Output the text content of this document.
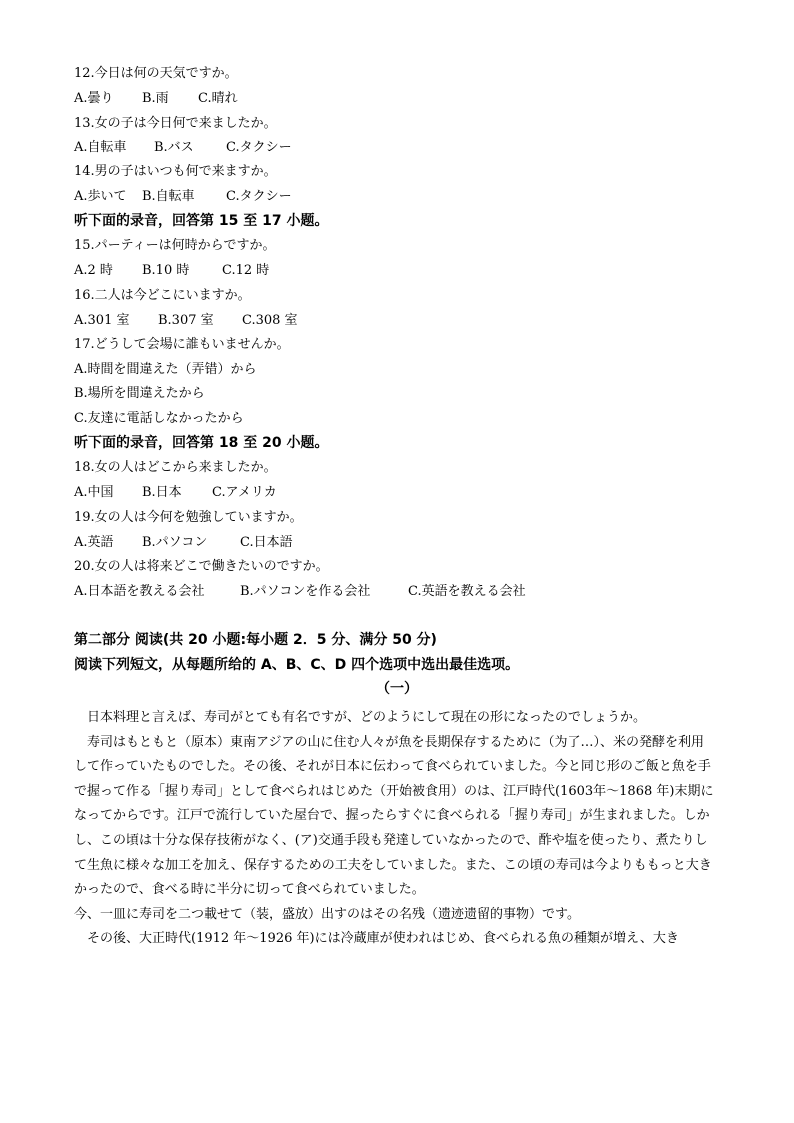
12.今日は何の天気ですか。
A.曇り B.雨 C.晴れ
13.女の子は今日何で来ましたか。
A.自転車 B.バス C.タクシー
14.男の子はいつも何で来ますか。
A.歩いて B.自転車 C.タクシー
听下面的录音，回答第 15 至 17 小题。
15.パーティーは何時からですか。
A.2 時 B.10 時	C.12 時
16.二人は今どこにいますか。
A.301 室 B.307 室 C.308 室
17.どうして会場に誰もいませんか。
A.時間を間違えた（弄错）から
B.場所を間違えたから
C.友達に電話しなかったから
听下面的录音，回答第 18 至 20 小题。
18.女の人はどこから来ましたか。
A.中国 B.日本 C.アメリカ
19.女の人は今何を勉強していますか。
A.英語 B.パソコン	C.日本語
20.女の人は将来どこで働きたいのですか。
A.日本語を教える会社	B.パソコンを作る会社	C.英語を教える会社
第二部分 阅读(共 20 小题:每小题 2．5 分、满分 50 分)
阅读下列短文，从每题所给的 A、B、C、D 四个选项中选出最佳选项。
（一）

日本料理と言えば、寿司がとても有名ですが、どのようにして現在の形になったのでしょうか。

寿司はもともと（原本）東南アジアの山に住む人々が魚を長期保存するために（为了…）、米の発酵を利用して作っていたものでした。その後、それが日本に伝わって食べられていました。今と同じ形のご飯と魚を手で握って作る「握り寿司」として食べられはじめた（开始被食用）のは、江戸時代(1603年～1868 年)末期になってからです。江戸で流行していた屋台で、握ったらすぐに食べられる「握り寿司」が生まれました。しかし、この頃は十分な保存技術がなく、(ア)交通手段も発達していなかったので、酢や塩を使ったり、煮たりして生魚に様々な加工を加え、保存するための工夫をしていました。また、この頃の寿司は今よりももっと大きかったので、食べる時に半分に切って食べられていました。

今、一皿に寿司を二つ載せて（装，盛放）出すのはその名残（遗迹遗留的事物）です。

その後、大正時代(1912 年～1926 年)には冷蔵庫が使われはじめ、食べられる魚の種類が増え、大き
